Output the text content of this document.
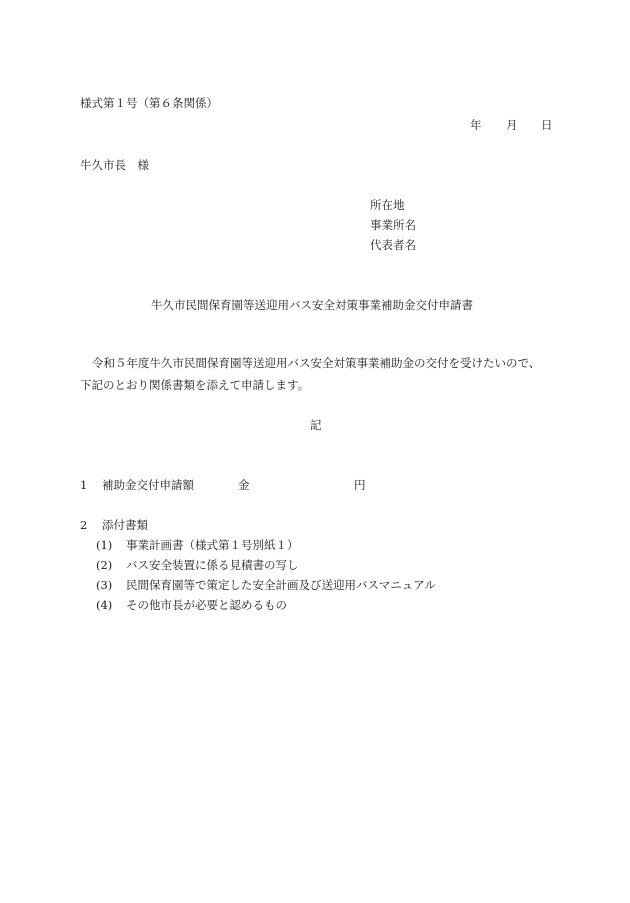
様式第１号（第６条関係）
年 月 日
牛久市長　様
所在地
事業所名
代表者名
牛久市民間保育園等送迎用バス安全対策事業補助金交付申請書
令和５年度牛久市民間保育園等送迎用バス安全対策事業補助金の交付を受けたいので、
下記のとおり関係書類を添えて申請します。
記
1 補助金交付申請額	金	円
2 添付書類
(1) 事業計画書（様式第１号別紙１）
(2) バス安全装置に係る見積書の写し
(3) 民間保育園等で策定した安全計画及び送迎用バスマニュアル
(4) その他市長が必要と認めるもの
